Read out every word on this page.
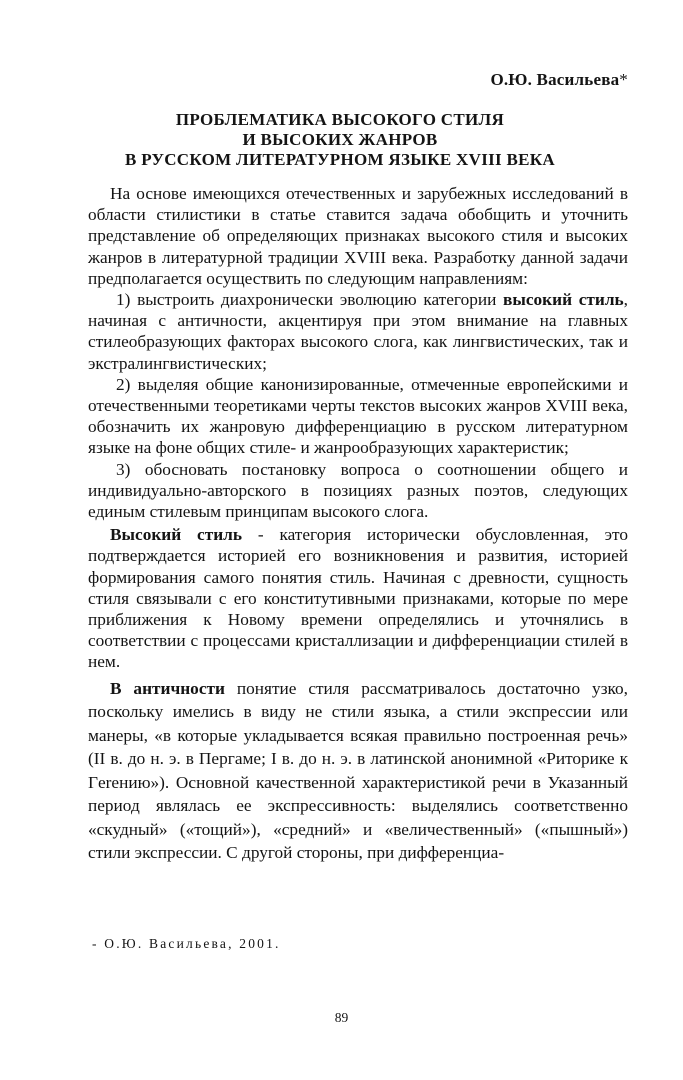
О.Ю. Васильева*
ПРОБЛЕМАТИКА ВЫСОКОГО СТИЛЯ
И ВЫСОКИХ ЖАНРОВ
В РУССКОМ ЛИТЕРАТУРНОМ ЯЗЫКЕ XVIII ВЕКА

На основе имеющихся отечественных и зарубежных исследований в области стилистики в статье ставится задача обобщить и уточнить представление об определяющих признаках высокого стиля и высоких жанров в литературной традиции XVIII века. Разработку данной задачи предполагается осуществить по следующим направлениям:

1) выстроить диахронически эволюцию категории высокий стиль, начиная с античности, акцентируя при этом внимание на главных стилеобразующих факторах высокого слога, как лингвистических, так и экстралингвистических;

2) выделяя общие канонизированные, отмеченные европейскими и отечественными теоретиками черты текстов высоких жанров XVIII века, обозначить их жанровую дифференциацию в русском литературном языке на фоне общих стиле- и жанрообразующих характеристик;

3) обосновать постановку вопроса о соотношении общего и индивидуально-авторского в позициях разных поэтов, следующих единым стилевым принципам высокого слога.

Высокий стиль - категория исторически обусловленная, это подтверждается историей его возникновения и развития, историей формирования самого понятия стиль. Начиная с древности, сущность стиля связывали с его конститутивными признаками, которые по мере приближения к Новому времени определялись и уточнялись в соответствии с процессами кристаллизации и дифференциации стилей в нем.

В античности понятие стиля рассматривалось достаточно узко, поскольку имелись в виду не стили языка, а стили экспрессии или манеры, «в которые укладывается всякая правильно построенная речь» (II в. до н. э. в Пергаме; I в. до н. э. в латинской анонимной «Риторике к Гerению»). Основной качественной характеристикой речи в Указанный период являлась ее экспрессивность: выделялись соответственно «скудный» («тощий»), «средний» и «величественный» («пышный») стили экспрессии. С другой стороны, при дифференциа-

- О.Ю. Васильева, 2001.
89
